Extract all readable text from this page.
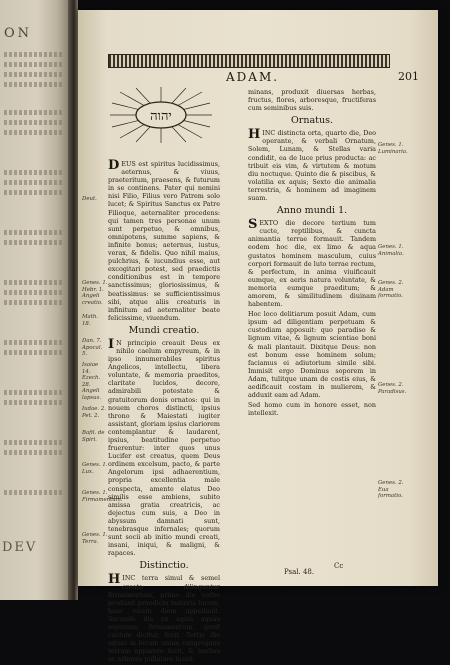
ON
DEV
ADAM.	201
יהוה

DEUS est spiritus lucidissimus, aeternus, & viuus, praeteritum, praesens, & futurum in se continens. Pater qui nemini nisi Filio, Filius vero Patrem solo lucet; & Spiritus Sanctus ex Patre Filioque, aeternaliter procedens: qui tamen tres personae unum sunt perpetuo, & omnibus, omnipotens, summe sapiens, & infinite bonus; aeternus, iustus, verax, & fidelis. Quo nihil maius, pulchrius, & iucundius esse, aut excogitari potest, sed praedictis conditionibus est in tempore sanctissimus; gloriosissimus, & beatissimus: se sufficientissimus sibi, atque aliis creaturis in infinitum ad aeternaliter beate felicissime, viuendum.

Mundi creatio.

I N principio creauit Deus ex nihilo caelum empyreum, & in ipso innumerabiles spiritus Angelicos, intellectu, libera voluntate, & memoria praeditos, claritate lucidos, decore, admirabili potestate & gratuitorum donis ornatos: qui in nouem choros distincti, ipsius throno & Maiestati iugiter assistant, gloriam ipsius clariorem contemplantur & laudarent, ipsius, beatitudine perpetuo fruerentur: inter quos unus Lucifer est creatus, quem Deus ordinem excelsum, pacto, & parte Angelorum ipsi adhaerentium, propria excellentia male conspecta, amente elatus Deo similis esse ambiens, subito amissa gratia creatricis, ac dejectus cum suis, a Deo in abyssum damnati sunt, tenebrasque infernales; quorum sunt socii ab initio mundi creati, insani, iniqui, & maligni, & rapaces.

Distinctio.

HINC terra simul & semel creata dilinguntur firmamentum, primo die verbo produxit praedicta materia lucem, hanc vicem diem appellauit. Secundo die ex aquis aquas separans, firmamentum, quod caelum dicitur, fecit. Tertio die aquas in locum unum congregans terram apparere fecit, & herbas ac arbores pullulare iussit.

minans, produxit diuersas herbas, fructus, flores, arboresque, fructiferas cum seminibus suis.

Ornatus.

HINC distincta orta, quarto die, Deo operante, & verbali Ornatum, Solem, Lunam, & Stellas varia condidit, ea de luce prius producta: ac tribuit eis vim, & virtutem & motum diu noctuque. Quinto die & piscibus, & volatilia ex aquis; Sexto die animalia terrestria, & hominem ad imaginem suam.

Anno mundi 1.

SEXTO die decore tertium tum cucte, reptilibus, & cuncta animantia terrae formauit. Tandem eodem hoc die, ex limo & aqua gustatos hominem masculum, cuius corpori formauit de luto terrae rectum, & perfectum, in anima viuificauit eumque, ex aeris natura voluntate, & memoria eumque praeditum; & amorem, & similitudinem diuinam habentem.

Hoc loco delitiarum posuit Adam, cum ipsum ad diligentiam perpetuam & custodiam apposuit: quo paradiso & lignum vitae, & lignum scientiae boni & mali plantauit. Dixitque Deus: non est bonum esse hominem solum; faciamus ei adiutorium simile sibi. Immisit ergo Dominus soporem in Adam, tulitque unam de costis eius, & aedificauit costam in mulierem, & adduxit eam ad Adam.

Sed homo cum in honore esset, non intellexit.

Deut.
Genes. 1. Hebr. 1. Angeli creatio.
Math. 18.
Dan. 7. Apocal. 5.
Isaiae 14. Ezech. 28. Angeli lapsus.
Iudae. 2. Pet. 2.
Bafil. de Spiri.
Genes. 1. Lux.
Genes. 1. Firmamentum.
Genes. 1. Terra.
Genes. 1. Luminaria.
Genes. 1. Animalia.
Genes. 2. Adam formatio.
Genes. 2. Paradisus.
Genes. 2. Eua formatio.
Psal. 48.
Cc
